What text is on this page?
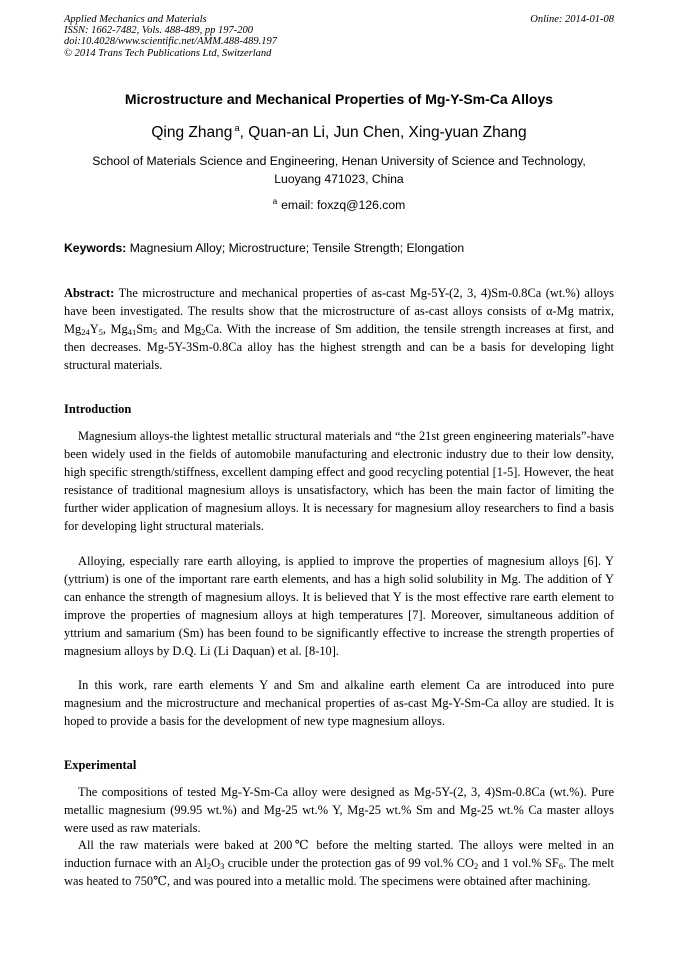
Applied Mechanics and Materials
ISSN: 1662-7482, Vols. 488-489, pp 197-200
doi:10.4028/www.scientific.net/AMM.488-489.197
© 2014 Trans Tech Publications Ltd, Switzerland
Online: 2014-01-08
Microstructure and Mechanical Properties of Mg-Y-Sm-Ca Alloys
Qing Zhang $^a$, Quan-an Li, Jun Chen, Xing-yuan Zhang
School of Materials Science and Engineering, Henan University of Science and Technology,
Luoyang 471023, China
$^a$ email: foxzq@126.com
Keywords: Magnesium Alloy; Microstructure; Tensile Strength; Elongation

Abstract: The microstructure and mechanical properties of as-cast Mg-5Y-(2, 3, 4)Sm-0.8Ca (wt.%) alloys have been investigated. The results show that the microstructure of as-cast alloys consists of α-Mg matrix, $Mg_{24}Y_5$, $Mg_{41}Sm_5$ and $Mg_2Ca$. With the increase of Sm addition, the tensile strength increases at first, and then decreases. Mg-5Y-3Sm-0.8Ca alloy has the highest strength and can be a basis for developing light structural materials.

Introduction

Magnesium alloys-the lightest metallic structural materials and “the 21st green engineering materials”-have been widely used in the fields of automobile manufacturing and electronic industry due to their low density, high specific strength/stiffness, excellent damping effect and good recycling potential [1-5]. However, the heat resistance of traditional magnesium alloys is unsatisfactory, which has been the main factor of limiting the further wider application of magnesium alloys. It is necessary for magnesium alloy researchers to find a basis for developing light structural materials.

Alloying, especially rare earth alloying, is applied to improve the properties of magnesium alloys [6]. Y (yttrium) is one of the important rare earth elements, and has a high solid solubility in Mg. The addition of Y can enhance the strength of magnesium alloys. It is believed that Y is the most effective rare earth element to improve the properties of magnesium alloys at high temperatures [7]. Moreover, simultaneous addition of yttrium and samarium (Sm) has been found to be significantly effective to increase the strength properties of magnesium alloys by D.Q. Li (Li Daquan) et al. [8-10].

In this work, rare earth elements Y and Sm and alkaline earth element Ca are introduced into pure magnesium and the microstructure and mechanical properties of as-cast Mg-Y-Sm-Ca alloy are studied. It is hoped to provide a basis for the development of new type magnesium alloys.

Experimental

The compositions of tested Mg-Y-Sm-Ca alloy were designed as Mg-5Y-(2, 3, 4)Sm-0.8Ca (wt.%). Pure metallic magnesium (99.95 wt.%) and Mg-25 wt.% Y, Mg-25 wt.% Sm and Mg-25 wt.% Ca master alloys were used as raw materials.

All the raw materials were baked at 200℃ before the melting started. The alloys were melted in an induction furnace with an $Al_2O_3$ crucible under the protection gas of 99 vol.% $CO_2$ and 1 vol.% $SF_6$. The melt was heated to 750℃, and was poured into a metallic mold. The specimens were obtained after machining.
